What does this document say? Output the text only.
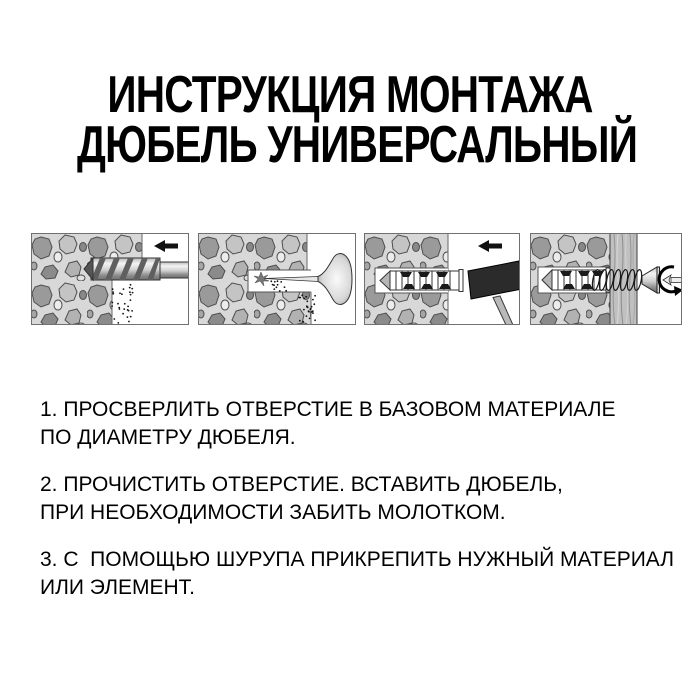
ИНСТРУКЦИЯ МОНТАЖА
ДЮБЕЛЬ УНИВЕРСАЛЬНЫЙ
1. ПРОСВЕРЛИТЬ ОТВЕРСТИЕ В БАЗОВОМ МАТЕРИАЛЕ
ПО ДИАМЕТРУ ДЮБЕЛЯ.
2. ПРОЧИСТИТЬ ОТВЕРСТИЕ. ВСТАВИТЬ ДЮБЕЛЬ,
ПРИ НЕОБХОДИМОСТИ ЗАБИТЬ МОЛОТКОМ.
3. С  ПОМОЩЬЮ ШУРУПА ПРИКРЕПИТЬ НУЖНЫЙ МАТЕРИАЛ
ИЛИ ЭЛЕМЕНТ.
